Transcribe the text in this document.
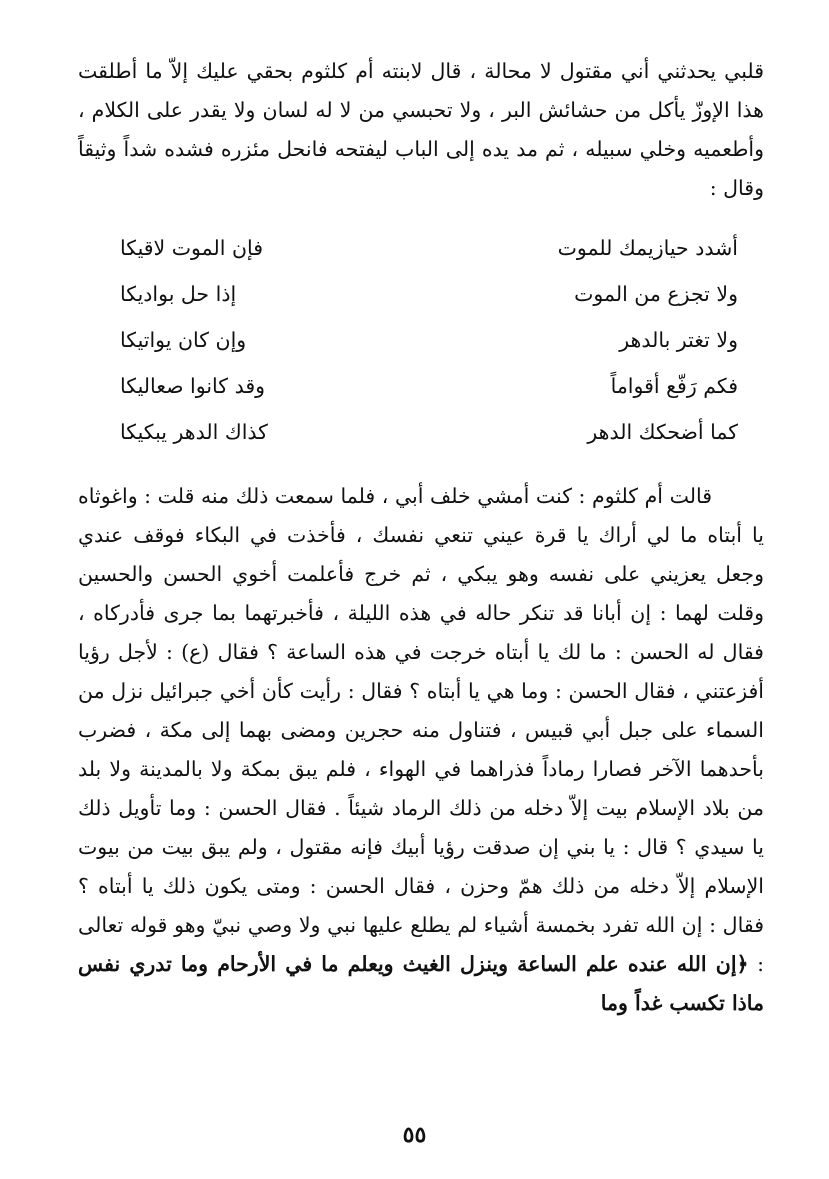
قلبي يحدثني أني مقتول لا محالة ، قال لابنته أم كلثوم بحقي عليك إلاّ ما أطلقت هذا الإوزّ يأكل من حشائش البر ، ولا تحبسي من لا له لسان ولا يقدر على الكلام ، وأطعميه وخلي سبيله ، ثم مد يده إلى الباب ليفتحه فانحل مئزره فشده شداً وثيقاً وقال :

أشدد حيازيمك للموت
فإن الموت لاقيكا
ولا تجزع من الموت
إذا حل بواديكا
ولا تغتر بالدهر
وإن كان يواتيكا
فكم رَفّع أقواماً
وقد كانوا صعاليكا
كما أضحكك الدهر
كذاك الدهر يبكيكا

قالت أم كلثوم : كنت أمشي خلف أبي ، فلما سمعت ذلك منه قلت : واغوثاه يا أبتاه ما لي أراك يا قرة عيني تنعي نفسك ، فأخذت في البكاء فوقف عندي وجعل يعزيني على نفسه وهو يبكي ، ثم خرج فأعلمت أخوي الحسن والحسين وقلت لهما : إن أبانا قد تنكر حاله في هذه الليلة ، فأخبرتهما بما جرى فأدركاه ، فقال له الحسن : ما لك يا أبتاه خرجت في هذه الساعة ؟ فقال (ع) : لأجل رؤيا أفزعتني ، فقال الحسن : وما هي يا أبتاه ؟ فقال : رأيت كأن أخي جبرائيل نزل من السماء على جبل أبي قبيس ، فتناول منه حجرين ومضى بهما إلى مكة ، فضرب بأحدهما الآخر فصارا رماداً فذراهما في الهواء ، فلم يبق بمكة ولا بالمدينة ولا بلد من بلاد الإسلام بيت إلاّ دخله من ذلك الرماد شيئاً . فقال الحسن : وما تأويل ذلك يا سيدي ؟ قال : يا بني إن صدقت رؤيا أبيك فإنه مقتول ، ولم يبق بيت من بيوت الإسلام إلاّ دخله من ذلك همّ وحزن ، فقال الحسن : ومتى يكون ذلك يا أبتاه ؟ فقال : إن الله تفرد بخمسة أشياء لم يطلع عليها نبي ولا وصي نبيّ وهو قوله تعالى : ﴿إن الله عنده علم الساعة وينزل الغيث ويعلم ما في الأرحام وما تدري نفس ماذا تكسب غداً وما

٥٥
